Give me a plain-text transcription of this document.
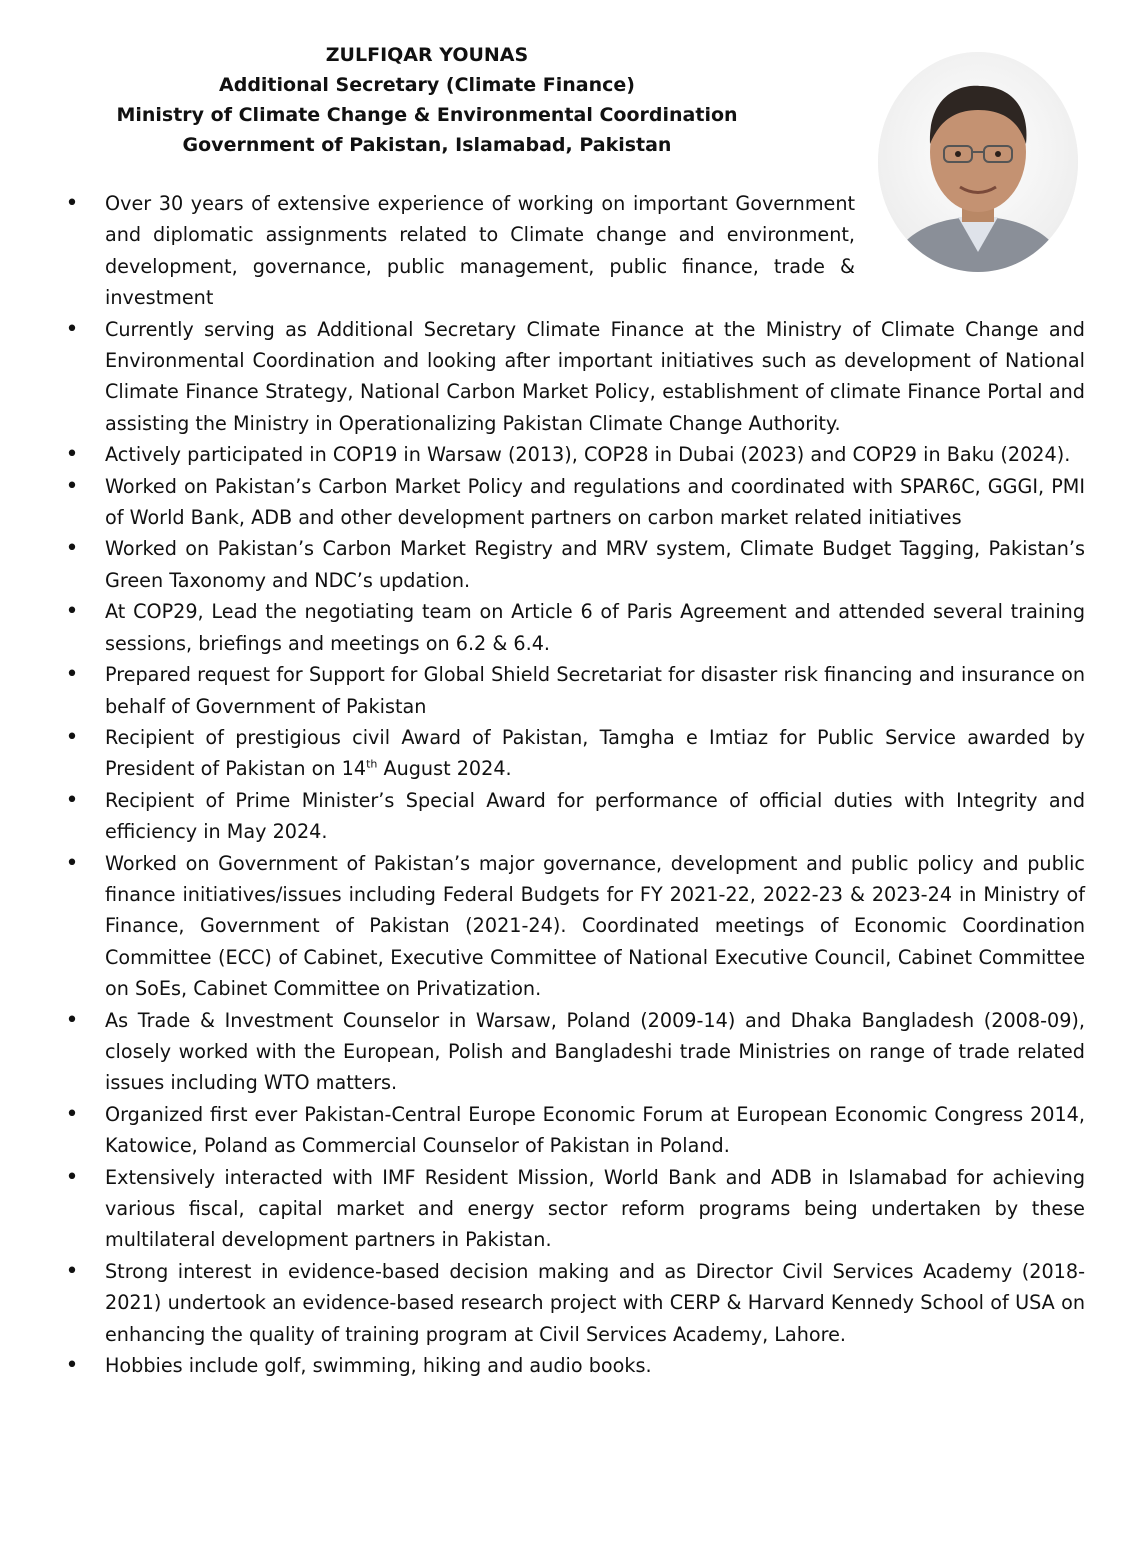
ZULFIQAR YOUNAS
Additional Secretary (Climate Finance)
Ministry of Climate Change & Environmental Coordination
Government of Pakistan, Islamabad, Pakistan
•
Over 30 years of extensive experience of working on important Government and diplomatic assignments related to Climate change and environment, development, governance, public management, public finance, trade & investment
•
Currently serving as Additional Secretary Climate Finance at the Ministry of Climate Change and Environmental Coordination and looking after important initiatives such as development of National Climate Finance Strategy, National Carbon Market Policy, establishment of climate Finance Portal and assisting the Ministry in Operationalizing Pakistan Climate Change Authority.
•
Actively participated in COP19 in Warsaw (2013), COP28 in Dubai (2023) and COP29 in Baku (2024).
•
Worked on Pakistan’s Carbon Market Policy and regulations and coordinated with SPAR6C, GGGI, PMI of World Bank, ADB and other development partners on carbon market related initiatives
•
Worked on Pakistan’s Carbon Market Registry and MRV system, Climate Budget Tagging, Pakistan’s Green Taxonomy and NDC’s updation.
•
At COP29, Lead the negotiating team on Article 6 of Paris Agreement and attended several training sessions, briefings and meetings on 6.2 & 6.4.
•
Prepared request for Support for Global Shield Secretariat for disaster risk financing and insurance on behalf of Government of Pakistan
•
Recipient of prestigious civil Award of Pakistan, Tamgha e Imtiaz for Public Service awarded by President of Pakistan on 14th August 2024.
•
Recipient of Prime Minister’s Special Award for performance of official duties with Integrity and efficiency in May 2024.
•
Worked on Government of Pakistan’s major governance, development and public policy and public finance initiatives/issues including Federal Budgets for FY 2021-22, 2022-23 & 2023-24 in Ministry of Finance, Government of Pakistan (2021-24). Coordinated meetings of Economic Coordination Committee (ECC) of Cabinet, Executive Committee of National Executive Council, Cabinet Committee on SoEs, Cabinet Committee on Privatization.
•
As Trade & Investment Counselor in Warsaw, Poland (2009-14) and Dhaka Bangladesh (2008-09), closely worked with the European, Polish and Bangladeshi trade Ministries on range of trade related issues including WTO matters.
•
Organized first ever Pakistan-Central Europe Economic Forum at European Economic Congress 2014, Katowice, Poland as Commercial Counselor of Pakistan in Poland.
•
Extensively interacted with IMF Resident Mission, World Bank and ADB in Islamabad for achieving various fiscal, capital market and energy sector reform programs being undertaken by these multilateral development partners in Pakistan.
•
Strong interest in evidence-based decision making and as Director Civil Services Academy (2018-2021) undertook an evidence-based research project with CERP & Harvard Kennedy School of USA on enhancing the quality of training program at Civil Services Academy, Lahore.
•
Hobbies include golf, swimming, hiking and audio books.
